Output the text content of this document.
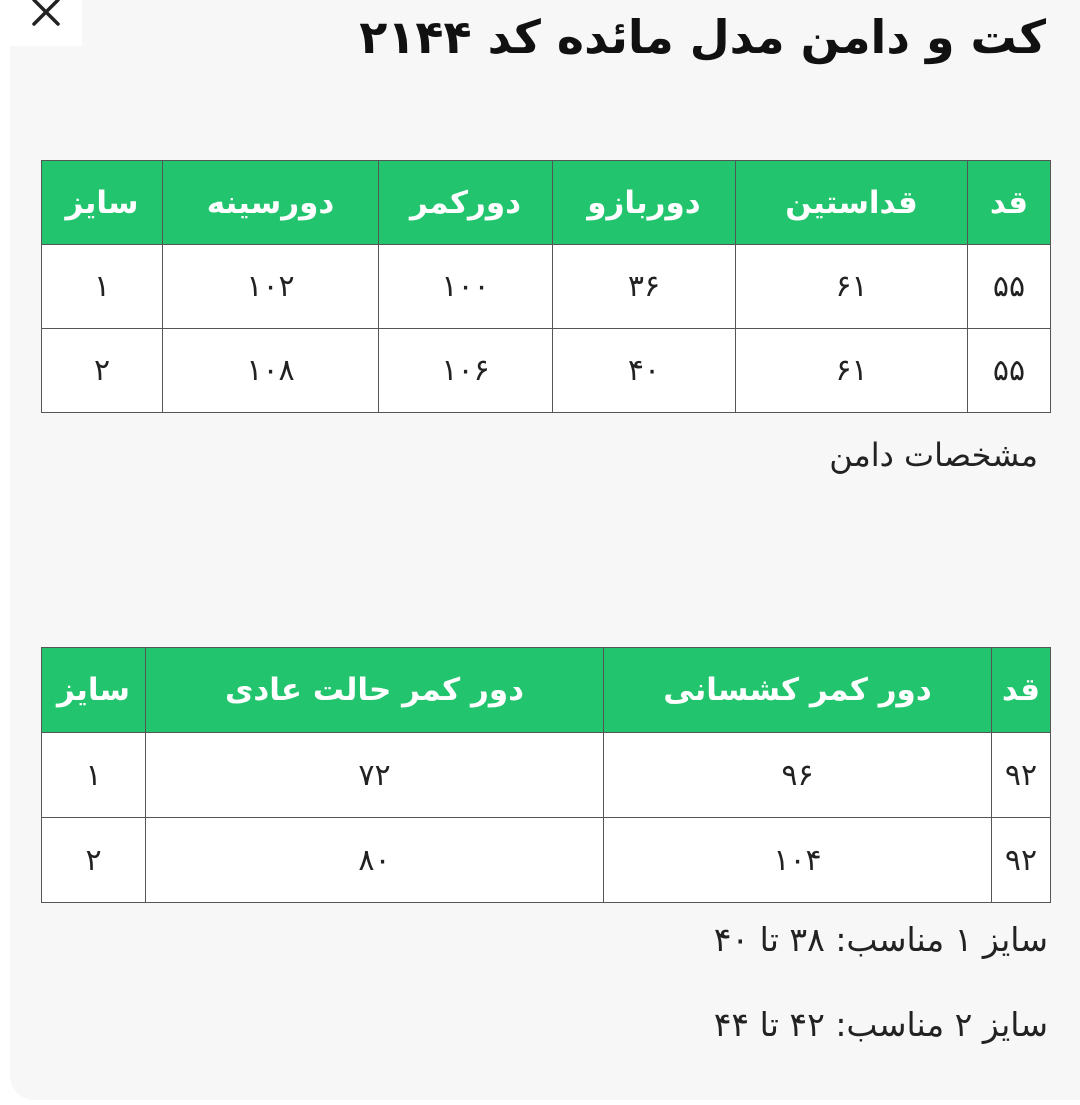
کت و دامن مدل مائده کد ۲۱۴۴
قد	قداستین	دوربازو	دورکمر	دورسینه	سایز
۵۵	۶۱	۳۶	۱۰۰	۱۰۲	۱
۵۵	۶۱	۴۰	۱۰۶	۱۰۸	۲

مشخصات دامن

قد	دور کمر کشسانی	دور کمر حالت عادی	سایز
۹۲	۹۶	۷۲	۱
۹۲	۱۰۴	۸۰	۲

سایز ۱ مناسب: ۳۸ تا ۴۰

سایز ۲ مناسب: ۴۲ تا ۴۴
